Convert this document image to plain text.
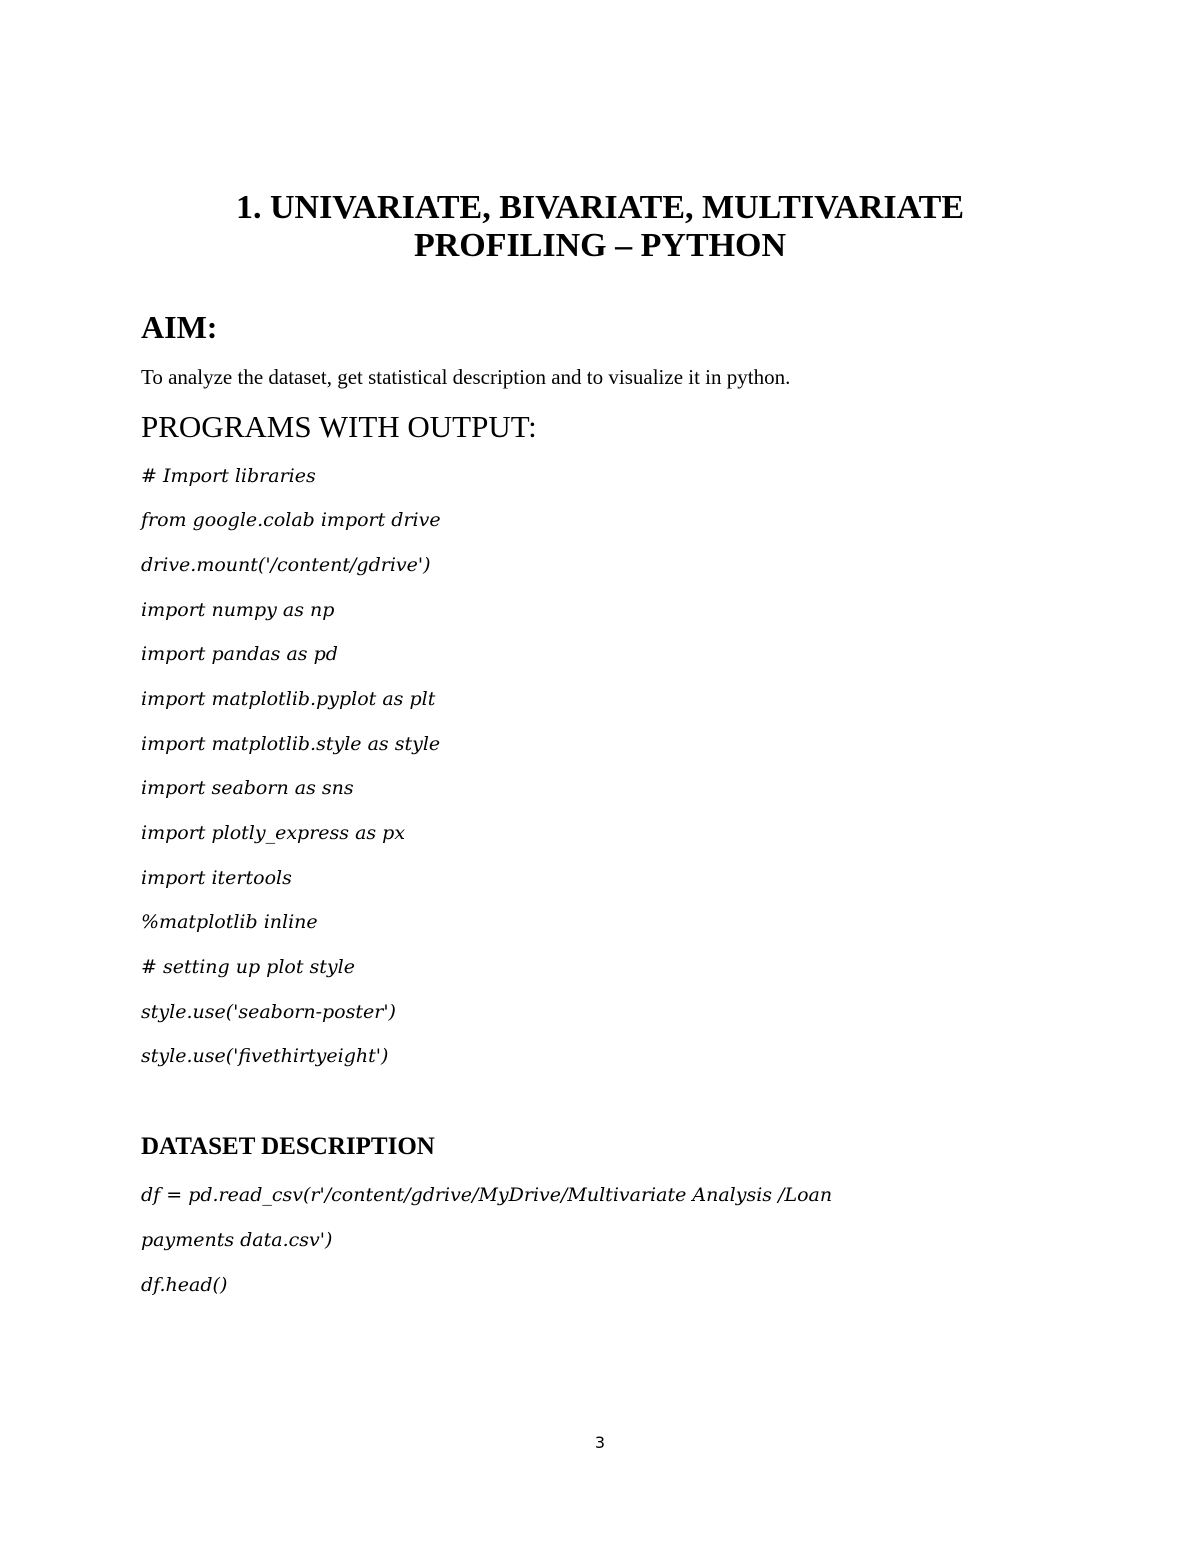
1. UNIVARIATE, BIVARIATE, MULTIVARIATE
PROFILING – PYTHON
AIM:
To analyze the dataset, get statistical description and to visualize it in python.
PROGRAMS WITH OUTPUT:
# Import libraries
from google.colab import drive
drive.mount('/content/gdrive')
import numpy as np
import pandas as pd
import matplotlib.pyplot as plt
import matplotlib.style as style
import seaborn as sns
import plotly_express as px
import itertools
%matplotlib inline
# setting up plot style
style.use('seaborn-poster')
style.use('fivethirtyeight')
DATASET DESCRIPTION
df = pd.read_csv(r'/content/gdrive/MyDrive/Multivariate Analysis /Loan
payments data.csv')
df.head()
3
